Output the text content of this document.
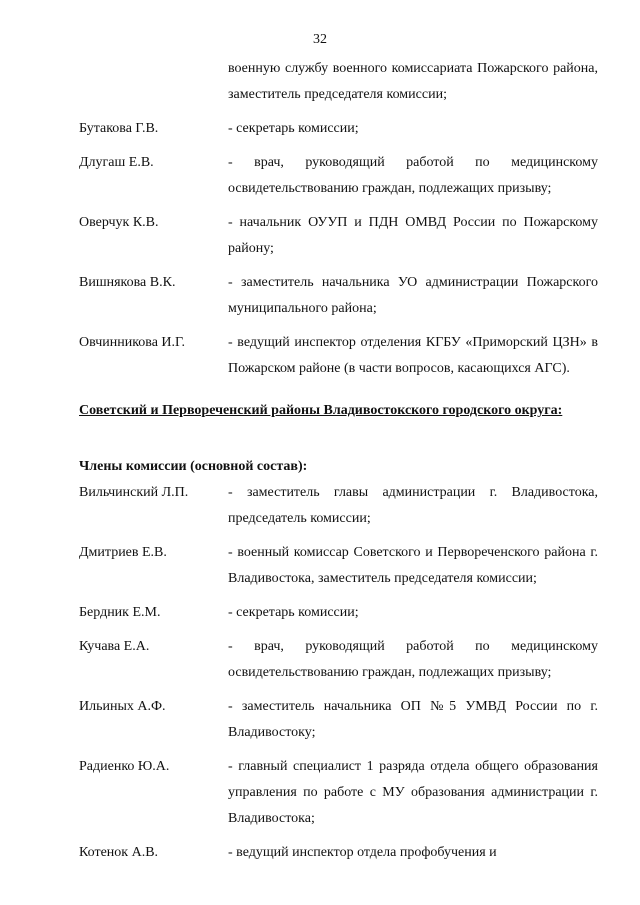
32
военную службу военного комиссариата Пожарского района, заместитель председателя комиссии;
Бутакова Г.В.	- секретарь комиссии;
Длугаш Е.В.	- врач, руководящий работой по медицинскому освидетельствованию граждан, подлежащих призыву;
Оверчук К.В.	- начальник ОУУП и ПДН ОМВД России по Пожарскому району;
Вишнякова В.К.	- заместитель начальника УО администрации Пожарского муниципального района;
Овчинникова И.Г.	- ведущий инспектор отделения КГБУ «Приморский ЦЗН» в Пожарском районе (в части вопросов, касающихся АГС).
Советский и Первореченский районы Владивостокского городского округа:
Члены комиссии (основной состав):
Вильчинский Л.П.	- заместитель главы администрации г. Владивостока, председатель комиссии;
Дмитриев Е.В.	- военный комиссар Советского и Первореченского района г. Владивостока, заместитель председателя комиссии;
Бердник Е.М.	- секретарь комиссии;
Кучава Е.А.	- врач, руководящий работой по медицинскому освидетельствованию граждан, подлежащих призыву;
Ильиных А.Ф.	- заместитель начальника ОП №5 УМВД России по г. Владивостоку;
Радиенко Ю.А.	- главный специалист 1 разряда отдела общего образования управления по работе с МУ образования администрации г. Владивостока;
Котенок А.В.	- ведущий инспектор отдела профобучения и
